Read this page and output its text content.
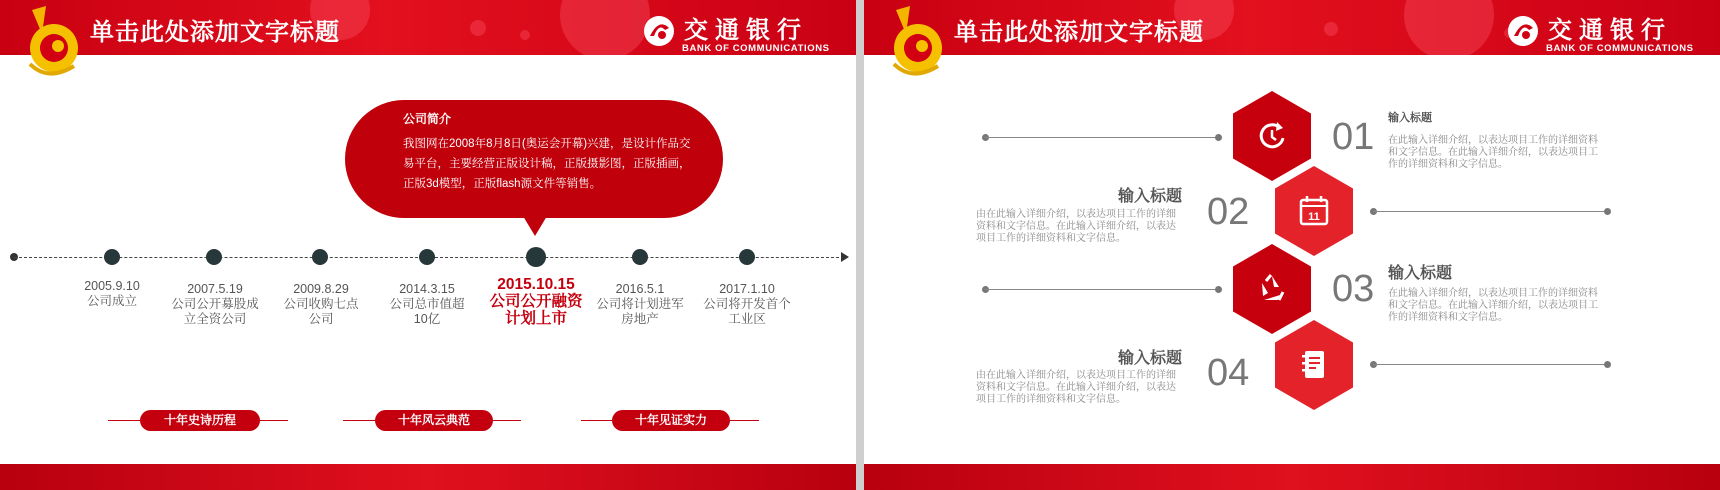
单击此处添加文字标题	交通银行
BANK OF COMMUNICATIONS
公司简介
我图网在2008年8月8日(奥运会开幕)兴建，是设计作品交易平台，主要经营正版设计稿，正版摄影图，正版插画，正版3d模型，正版flash源文件等销售。
2005.9.10
公司成立
2007.5.19
公司公开募股成立全资公司
2009.8.29
公司收购七点公司
2014.3.15
公司总市值超10亿
2015.10.15
公司公开融资计划上市
2016.5.1
公司将计划进军房地产
2017.1.10
公司将开发首个工业区
十年史诗历程	十年风云典范	十年见证实力
单击此处添加文字标题	交通银行
BANK OF COMMUNICATIONS
11
01 输入标题
在此输入详细介绍，以表达项目工作的详细资料和文字信息。在此输入详细介绍，以表达项目工作的详细资料和文字信息。
输入标题
由在此输入详细介绍，以表达项目工作的详细资料和文字信息。在此输入详细介绍，以表达项目工作的详细资料和文字信息。
02
03 输入标题
在此输入详细介绍，以表达项目工作的详细资料和文字信息。在此输入详细介绍，以表达项目工作的详细资料和文字信息。
输入标题
由在此输入详细介绍，以表达项目工作的详细资料和文字信息。在此输入详细介绍，以表达项目工作的详细资料和文字信息。
04
